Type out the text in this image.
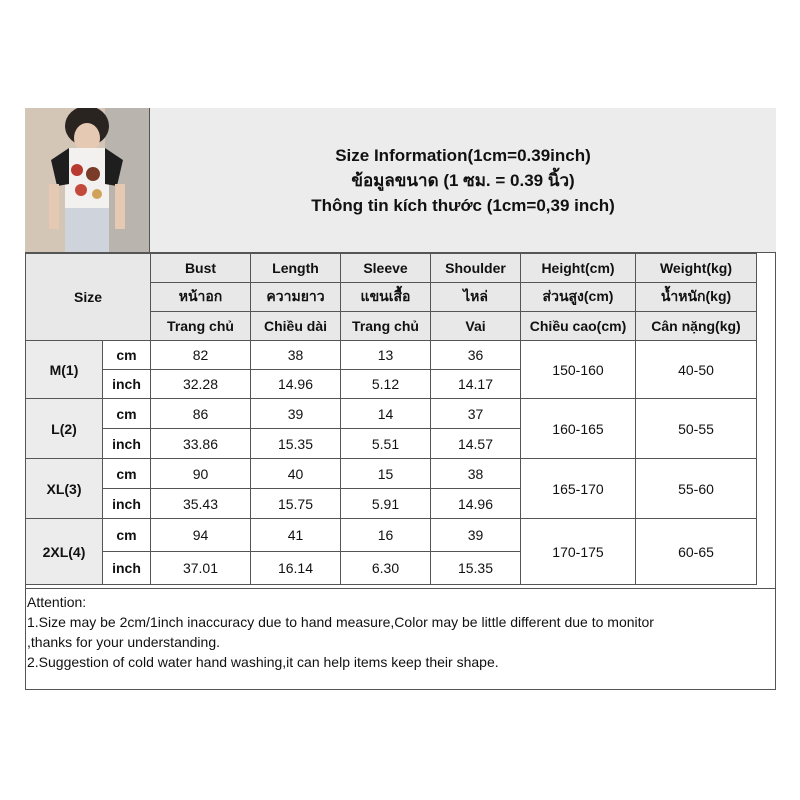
Size Information(1cm=0.39inch)
ข้อมูลขนาด (1 ซม. = 0.39 นิ้ว)
Thông tin kích thước (1cm=0,39 inch)
Size		Bust	Length	Sleeve	Shoulder	Height(cm)	Weight(kg)
		หน้าอก	ความยาว	แขนเสื้อ	ไหล่	ส่วนสูง(cm)	น้ำหนัก(kg)
		Trang chủ	Chiều dài	Trang chủ	Vai	Chiều cao(cm)	Cân nặng(kg)
M(1)	cm	82	38	13	36	150-160	40-50
	inch	32.28	14.96	5.12	14.17		
L(2)	cm	86	39	14	37	160-165	50-55
	inch	33.86	15.35	5.51	14.57		
XL(3)	cm	90	40	15	38	165-170	55-60
	inch	35.43	15.75	5.91	14.96		
2XL(4)	cm	94	41	16	39	170-175	60-65
	inch	37.01	16.14	6.30	15.35		
Attention:
1.Size may be 2cm/1inch inaccuracy due to hand measure,Color may be little different due to monitor
,thanks for your understanding.
2.Suggestion of cold water hand washing,it can help items keep their shape.
